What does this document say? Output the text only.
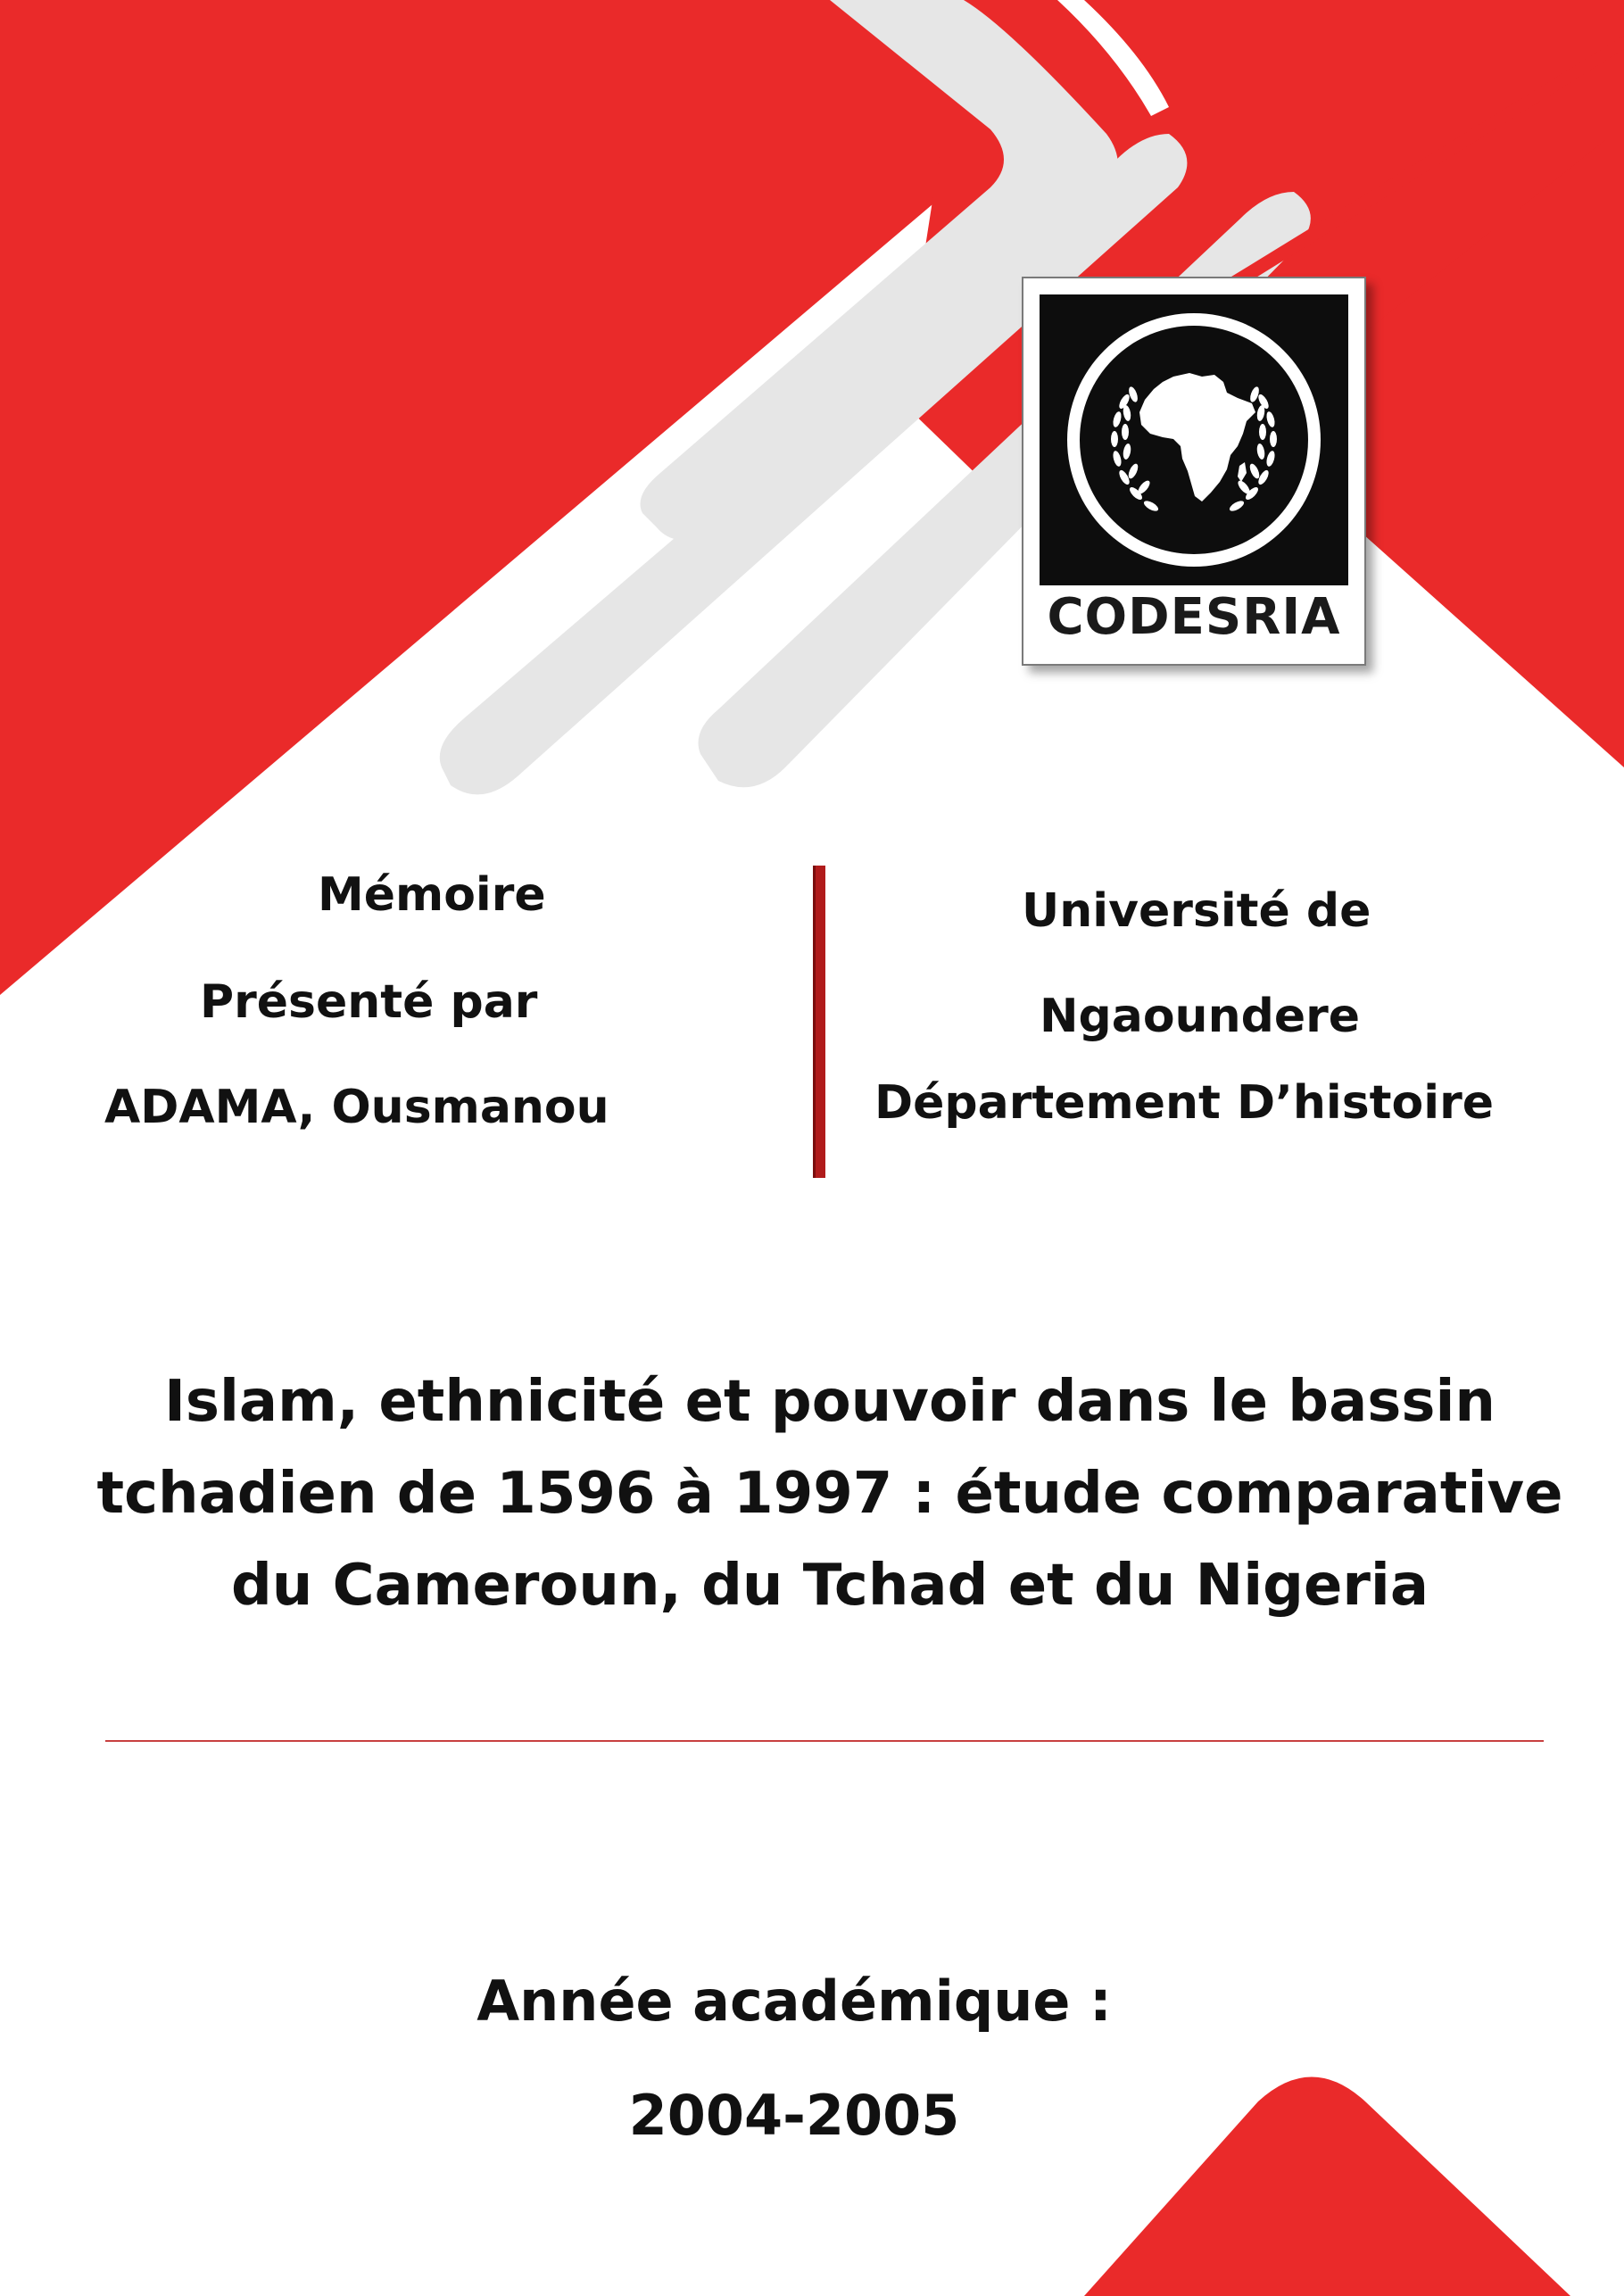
CODESRIA
Mémoire
Présenté par
ADAMA, Ousmanou
Université de
Ngaoundere
Département D’histoire
Islam, ethnicité et pouvoir dans le bassin tchadien de 1596 à 1997 : étude comparative du Cameroun, du Tchad et du Nigeria
Année académique :
2004-2005
